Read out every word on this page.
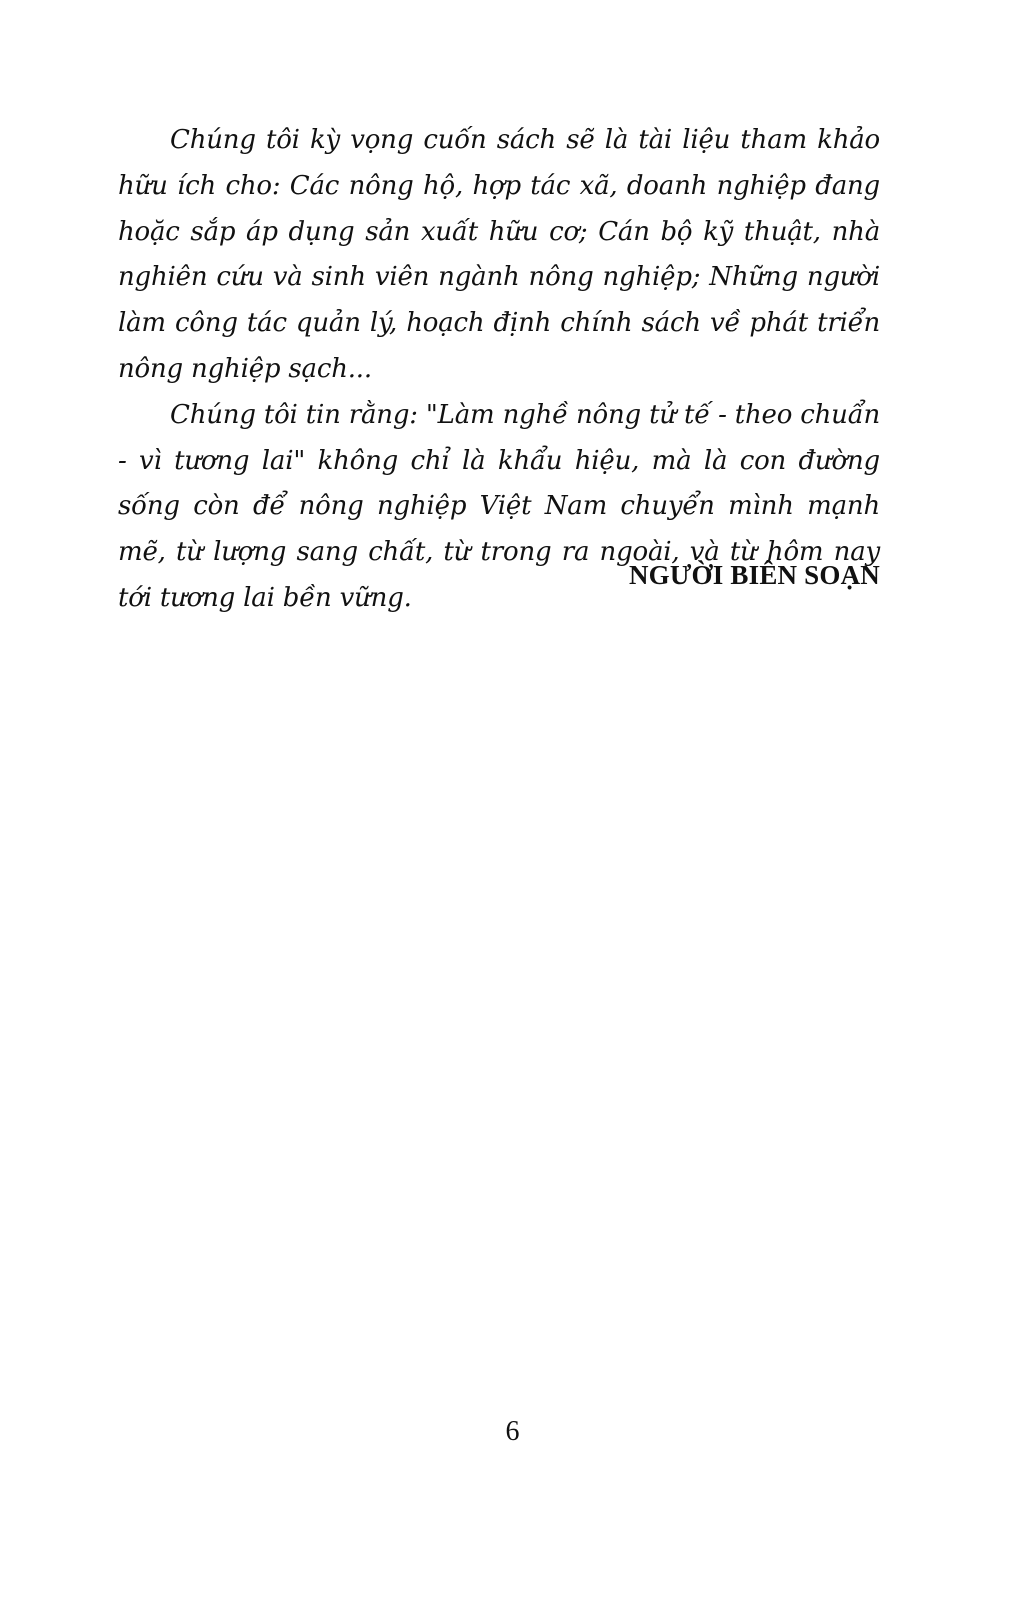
Chúng tôi kỳ vọng cuốn sách sẽ là tài liệu tham khảo hữu ích cho: Các nông hộ, hợp tác xã, doanh nghiệp đang hoặc sắp áp dụng sản xuất hữu cơ; Cán bộ kỹ thuật, nhà nghiên cứu và sinh viên ngành nông nghiệp; Những người làm công tác quản lý, hoạch định chính sách về phát triển nông nghiệp sạch...

Chúng tôi tin rằng: "Làm nghề nông tử tế - theo chuẩn - vì tương lai" không chỉ là khẩu hiệu, mà là con đường sống còn để nông nghiệp Việt Nam chuyển mình mạnh mẽ, từ lượng sang chất, từ trong ra ngoài, và từ hôm nay tới tương lai bền vững.

NGƯỜI BIÊN SOẠN
6
